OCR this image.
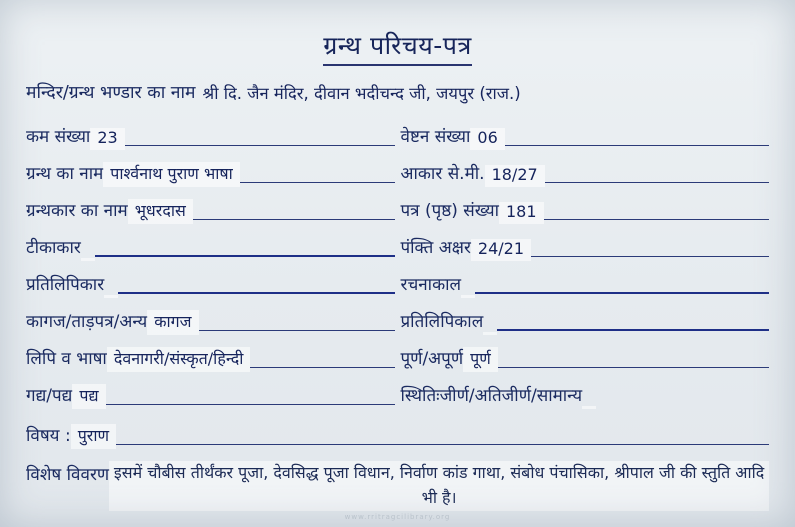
ग्रन्थ परिचय-पत्र
मन्दिर/ग्रन्थ भण्डार का नाम श्री दि. जैन मंदिर, दीवान भदीचन्द जी, जयपुर (राज.)
कम संख्या 23	वेष्टन संख्या 06
ग्रन्थ का नाम पार्श्वनाथ पुराण भाषा	आकार से.मी. 18/27
ग्रन्थकार का नाम भूधरदास	पत्र (पृष्ठ) संख्या 181
टीकाकार	पंक्ति अक्षर 24/21
प्रतिलिपिकार	रचनाकाल
कागज/ताड़पत्र/अन्य कागज	प्रतिलिपिकाल
लिपि व भाषा देवनागरी/संस्कृत/हिन्दी	पूर्ण/अपूर्ण पूर्ण
गद्य/पद्य पद्य	स्थितिःजीर्ण/अतिजीर्ण/सामान्य
विषय : पुराण
विशेष विवरण इसमें चौबीस तीर्थंकर पूजा, देवसिद्ध पूजा विधान, निर्वाण कांड गाथा, संबोध पंचासिका, श्रीपाल जी की स्तुति आदि भी है।
www.rritragcilibrary.org
